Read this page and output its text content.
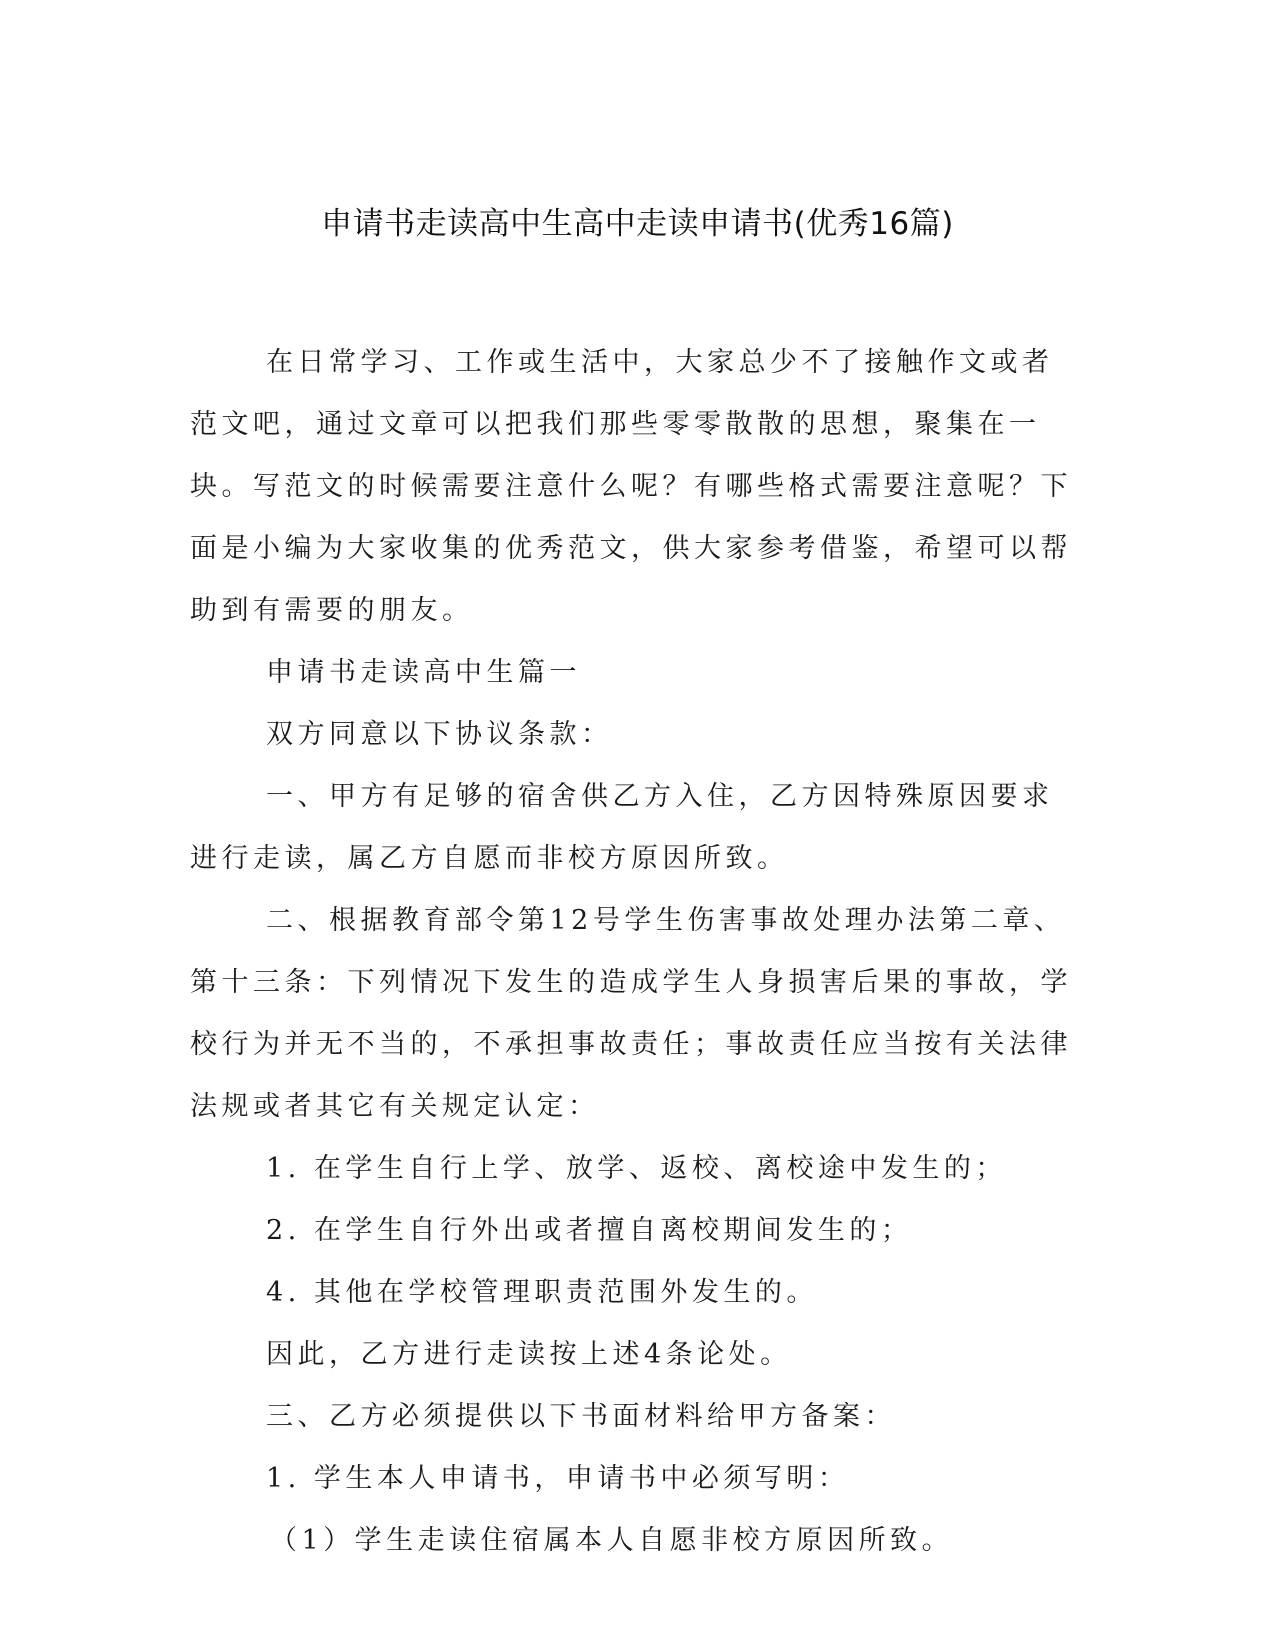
申请书走读高中生高中走读申请书(优秀16篇)

在日常学习、工作或生活中，大家总少不了接触作文或者范文吧，通过文章可以把我们那些零零散散的思想，聚集在一块。写范文的时候需要注意什么呢？有哪些格式需要注意呢？下面是小编为大家收集的优秀范文，供大家参考借鉴，希望可以帮助到有需要的朋友。

申请书走读高中生篇一

双方同意以下协议条款：

一、甲方有足够的宿舍供乙方入住，乙方因特殊原因要求进行走读，属乙方自愿而非校方原因所致。

二、根据教育部令第12号学生伤害事故处理办法第二章、第十三条：下列情况下发生的造成学生人身损害后果的事故，学校行为并无不当的，不承担事故责任；事故责任应当按有关法律法规或者其它有关规定认定：

1. 在学生自行上学、放学、返校、离校途中发生的；

2. 在学生自行外出或者擅自离校期间发生的；

4. 其他在学校管理职责范围外发生的。

因此，乙方进行走读按上述4条论处。

三、乙方必须提供以下书面材料给甲方备案：

1. 学生本人申请书，申请书中必须写明：

（1）学生走读住宿属本人自愿非校方原因所致。
